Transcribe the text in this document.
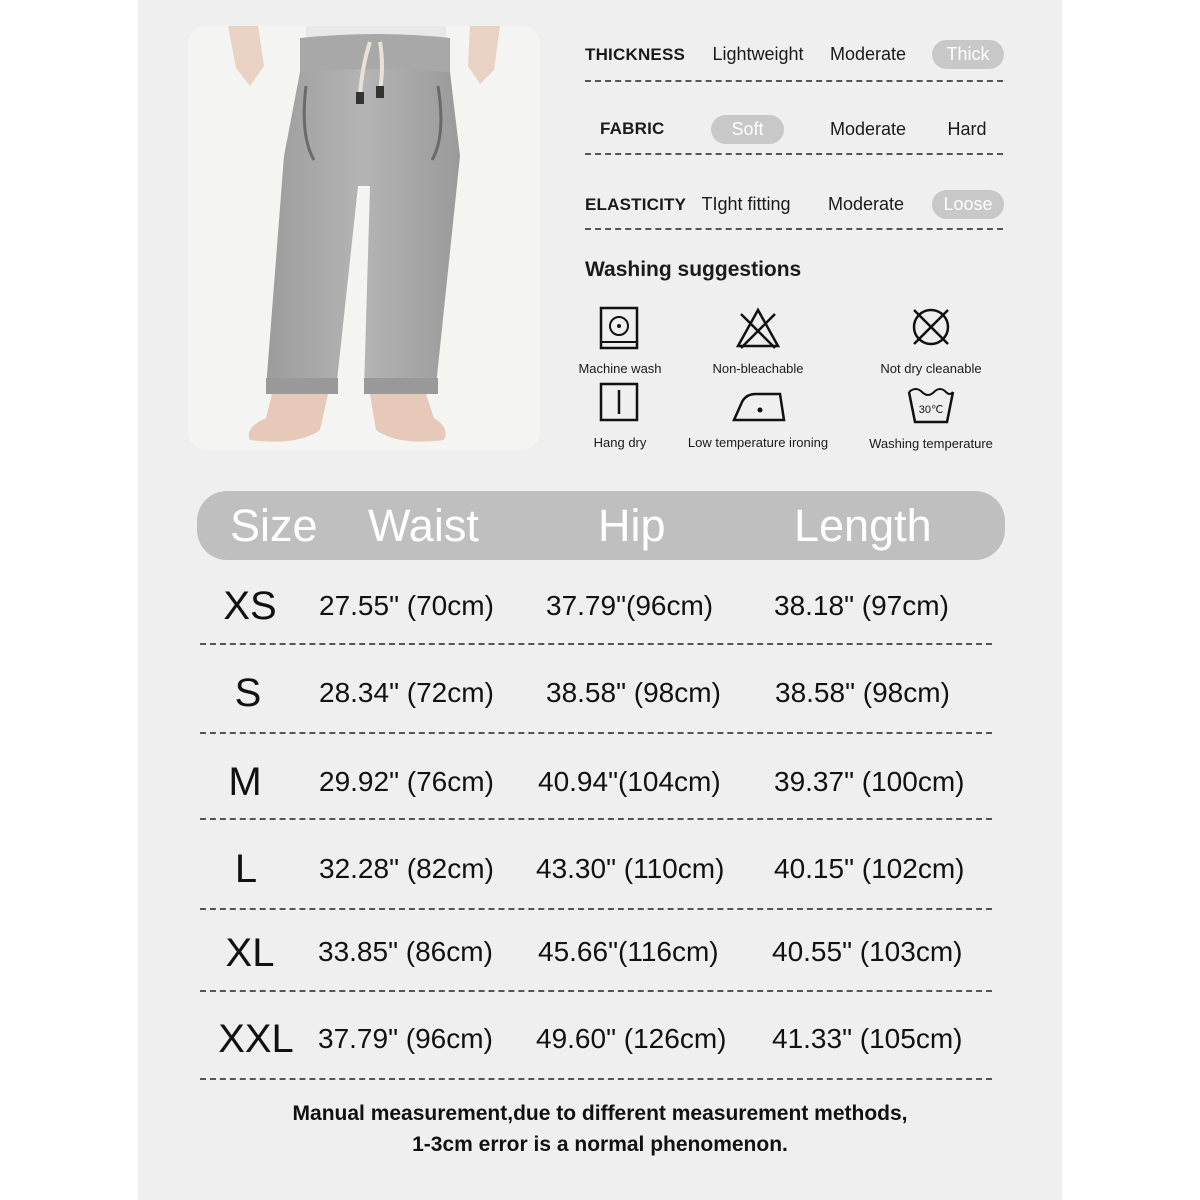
THICKNESS	Lightweight	Moderate	Thick
FABRIC	Soft	Moderate	Hard
ELASTICITY TIght fitting	Moderate	Loose
Washing suggestions
Machine wash	Non-bleachable	Not dry cleanable
Hang dry	Low temperature ironing
30℃
Washing temperature
Size Waist	Hip	Length
XS	27.55" (70cm) 37.79"(96cm) 38.18" (97cm)
S	28.34" (72cm) 38.58" (98cm) 38.58" (98cm)
M	29.92" (76cm) 40.94"(104cm) 39.37" (100cm)
L	32.28" (82cm) 43.30" (110cm) 40.15" (102cm)
XL	33.85" (86cm) 45.66"(116cm) 40.55" (103cm)
XXL 37.79" (96cm) 49.60" (126cm) 41.33" (105cm)
Manual measurement,due to different measurement methods,
1-3cm error is a normal phenomenon.
